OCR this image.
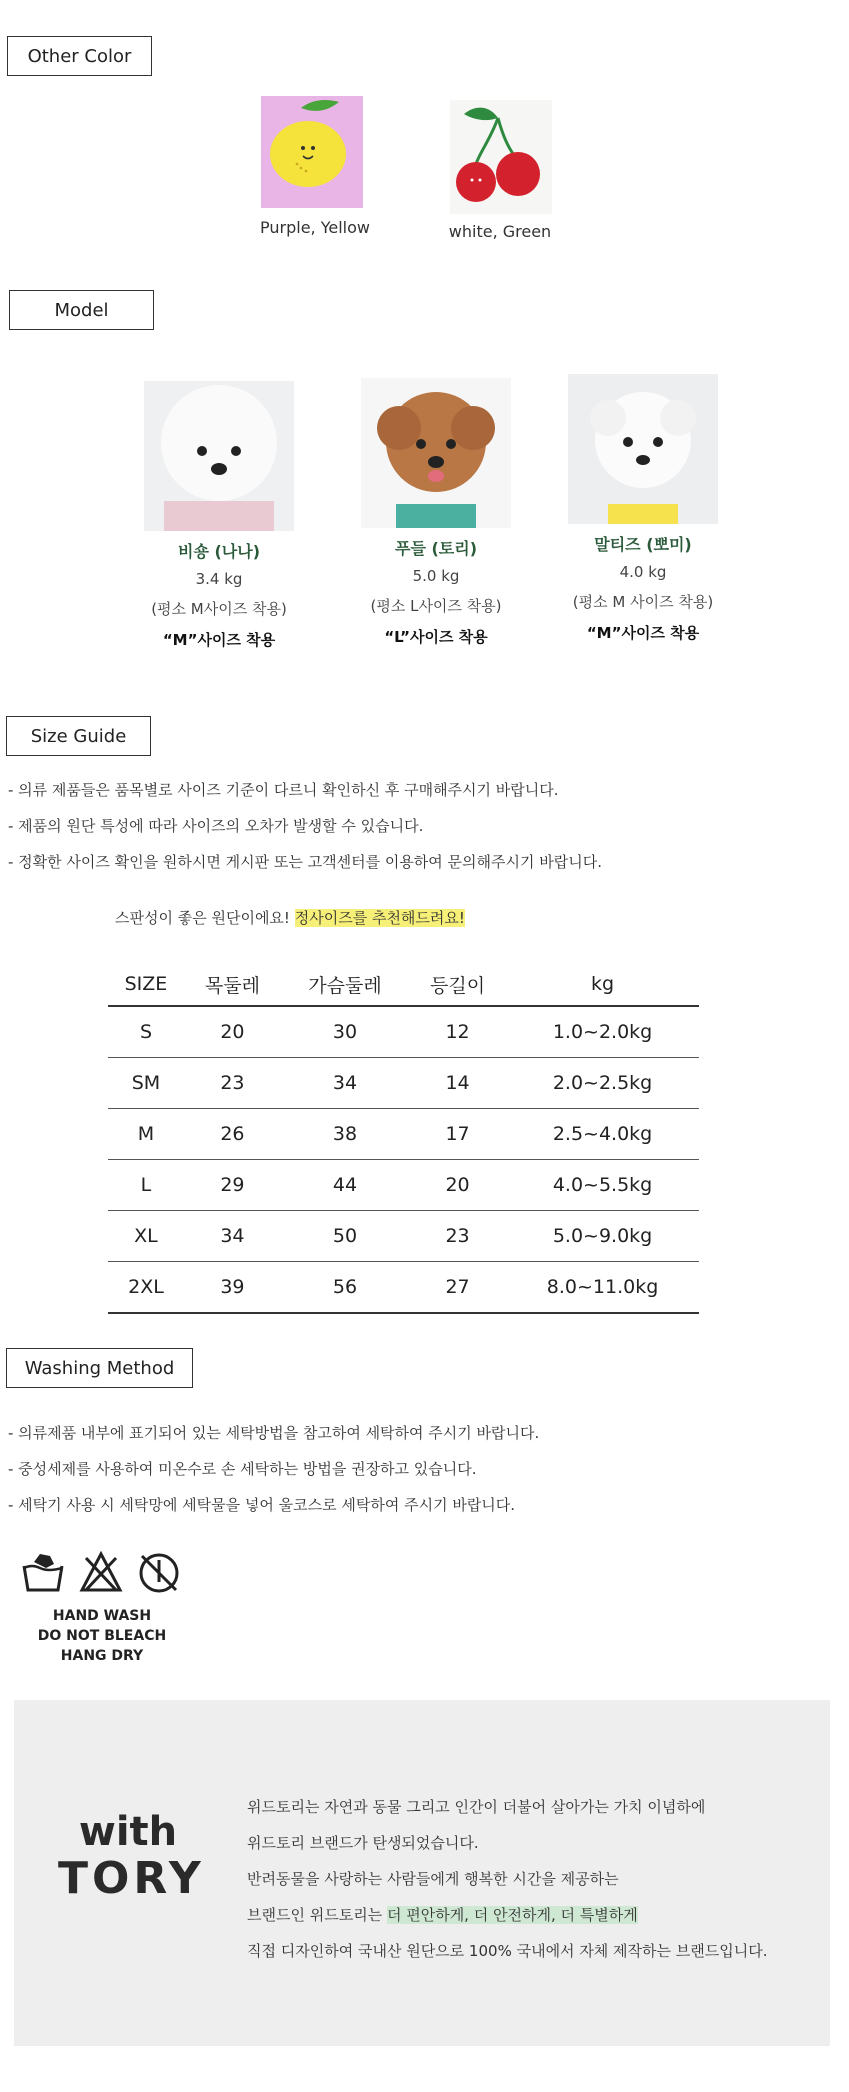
Other Color
Purple, Yellow	white, Green
Model
비숑 (나나)
3.4 kg
(평소 M사이즈 착용)
“M”사이즈 착용
푸들 (토리)
5.0 kg
(평소 L사이즈 착용)
“L”사이즈 착용
말티즈 (뽀미)
4.0 kg
(평소 M 사이즈 착용)
“M”사이즈 착용
Size Guide
- 의류 제품들은 품목별로 사이즈 기준이 다르니 확인하신 후 구매해주시기 바랍니다.
- 제품의 원단 특성에 따라 사이즈의 오차가 발생할 수 있습니다.
- 정확한 사이즈 확인을 원하시면 게시판 또는 고객센터를 이용하여 문의해주시기 바랍니다.
스판성이 좋은 원단이에요! 정사이즈를 추천해드려요!
SIZE	목둘레	가슴둘레	등길이	kg
S	20	30	12	1.0~2.0kg
SM	23	34	14	2.0~2.5kg
M	26	38	17	2.5~4.0kg
L	29	44	20	4.0~5.5kg
XL	34	50	23	5.0~9.0kg
2XL	39	56	27	8.0~11.0kg
Washing Method
- 의류제품 내부에 표기되어 있는 세탁방법을 참고하여 세탁하여 주시기 바랍니다.
- 중성세제를 사용하여 미온수로 손 세탁하는 방법을 권장하고 있습니다.
- 세탁기 사용 시 세탁망에 세탁물을 넣어 울코스로 세탁하여 주시기 바랍니다.
HAND WASH
DO NOT BLEACH
HANG DRY
with
TORY
위드토리는 자연과 동물 그리고 인간이 더불어 살아가는 가치 이념하에
위드토리 브랜드가 탄생되었습니다.
반려동물을 사랑하는 사람들에게 행복한 시간을 제공하는
브랜드인 위드토리는 더 편안하게, 더 안전하게, 더 특별하게
직접 디자인하여 국내산 원단으로 100% 국내에서 자체 제작하는 브랜드입니다.
